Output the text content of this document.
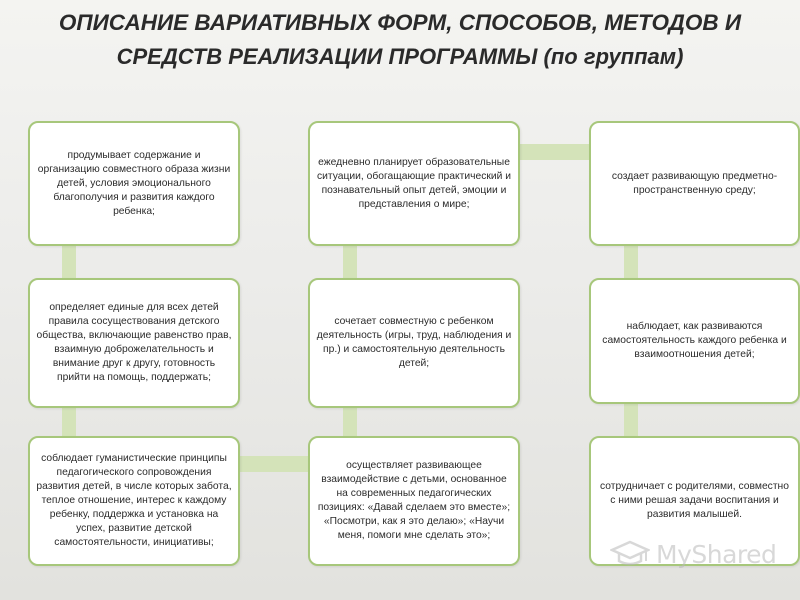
ОПИСАНИЕ ВАРИАТИВНЫХ ФОРМ, СПОСОБОВ, МЕТОДОВ И
СРЕДСТВ РЕАЛИЗАЦИИ ПРОГРАММЫ (по группам)

продумывает содержание и организацию совместного образа жизни детей, условия эмоционального благополучия и развития каждого ребенка;

определяет единые для всех детей правила сосуществования детского общества, включающие равенство прав, взаимную доброжелательность и внимание друг к другу, готовность прийти на помощь, поддержать;

соблюдает гуманистические принципы педагогического сопровождения развития детей, в числе которых забота, теплое отношение, интерес к каждому ребенку, поддержка и установка на успех, развитие детской самостоятельности, инициативы;

ежедневно планирует образовательные ситуации, обогащающие практический и познавательный опыт детей, эмоции и представления о мире;

сочетает совместную с ребенком деятельность (игры, труд, наблюдения и пр.) и самостоятельную деятельность детей;

осуществляет развивающее взаимодействие с детьми, основанное на современных педагогических позициях: «Давай сделаем это вместе»; «Посмотри, как я это делаю»; «Научи меня, помоги мне сделать это»;

создает развивающую предметно-пространственную среду;

наблюдает, как развиваются самостоятельность каждого ребенка и взаимоотношения детей;

сотрудничает с родителями, совместно с ними решая задачи воспитания и развития малышей.

MyShared
